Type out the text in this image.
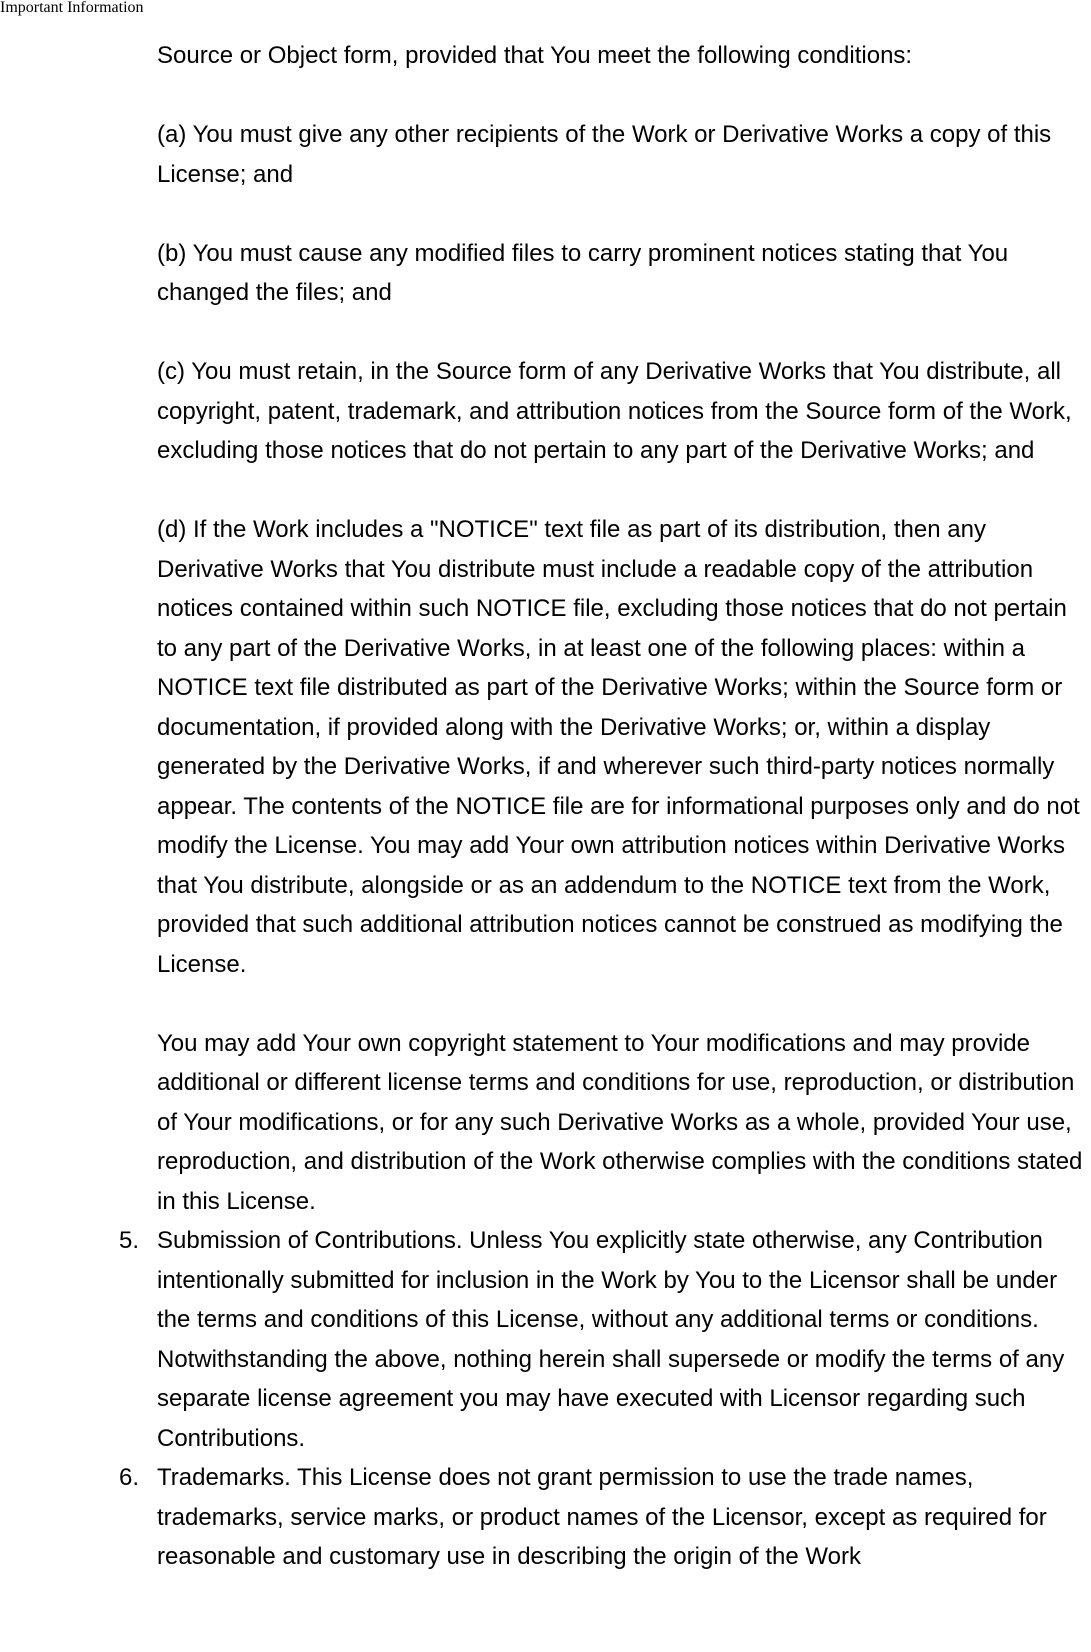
Important Information

Source or Object form, provided that You meet the following conditions:

(a) You must give any other recipients of the Work or Derivative Works a copy of this License; and

(b) You must cause any modified files to carry prominent notices stating that You changed the files; and

(c) You must retain, in the Source form of any Derivative Works that You distribute, all copyright, patent, trademark, and attribution notices from the Source form of the Work, excluding those notices that do not pertain to any part of the Derivative Works; and

(d) If the Work includes a "NOTICE" text file as part of its distribution, then any Derivative Works that You distribute must include a readable copy of the attribution notices contained within such NOTICE file, excluding those notices that do not pertain to any part of the Derivative Works, in at least one of the following places: within a NOTICE text file distributed as part of the Derivative Works; within the Source form or documentation, if provided along with the Derivative Works; or, within a display generated by the Derivative Works, if and wherever such third-party notices normally appear. The contents of the NOTICE file are for informational purposes only and do not modify the License. You may add Your own attribution notices within Derivative Works that You distribute, alongside or as an addendum to the NOTICE text from the Work, provided that such additional attribution notices cannot be construed as modifying the License.

You may add Your own copyright statement to Your modifications and may provide additional or different license terms and conditions for use, reproduction, or distribution of Your modifications, or for any such Derivative Works as a whole, provided Your use, reproduction, and distribution of the Work otherwise complies with the conditions stated in this License.

5. Submission of Contributions. Unless You explicitly state otherwise, any Contribution intentionally submitted for inclusion in the Work by You to the Licensor shall be under the terms and conditions of this License, without any additional terms or conditions. Notwithstanding the above, nothing herein shall supersede or modify the terms of any separate license agreement you may have executed with Licensor regarding such Contributions.
6. Trademarks. This License does not grant permission to use the trade names, trademarks, service marks, or product names of the Licensor, except as required for reasonable and customary use in describing the origin of the Work
